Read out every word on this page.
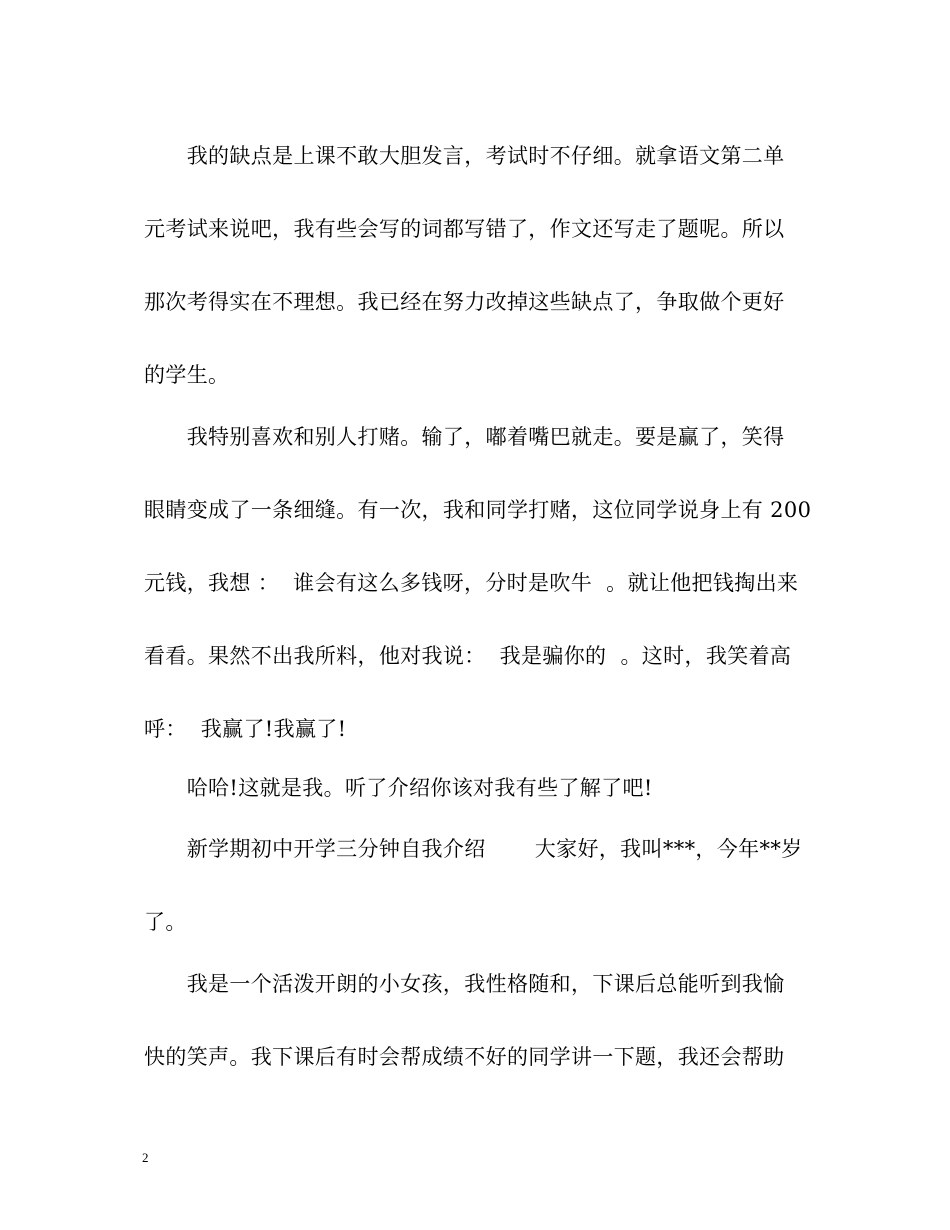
　　我的缺点是上课不敢大胆发言，考试时不仔细。就拿语文第二单
元考试来说吧，我有些会写的词都写错了，作文还写走了题呢。所以
那次考得实在不理想。我已经在努力改掉这些缺点了，争取做个更好
的学生。
　　我特别喜欢和别人打赌。输了，嘟着嘴巴就走。要是赢了，笑得
眼睛变成了一条细缝。有一次，我和同学打赌，这位同学说身上有 200
元钱，我想 ：  谁会有这么多钱呀，分时是吹牛  。就让他把钱掏出来
看看。果然不出我所料，他对我说：  我是骗你的  。这时，我笑着高
呼：  我赢了!我赢了!
　　哈哈!这就是我。听了介绍你该对我有些了解了吧!
　　新学期初中开学三分钟自我介绍       大家好，我叫***，今年**岁
了。
　　我是一个活泼开朗的小女孩，我性格随和，下课后总能听到我愉
快的笑声。我下课后有时会帮成绩不好的同学讲一下题，我还会帮助
2
